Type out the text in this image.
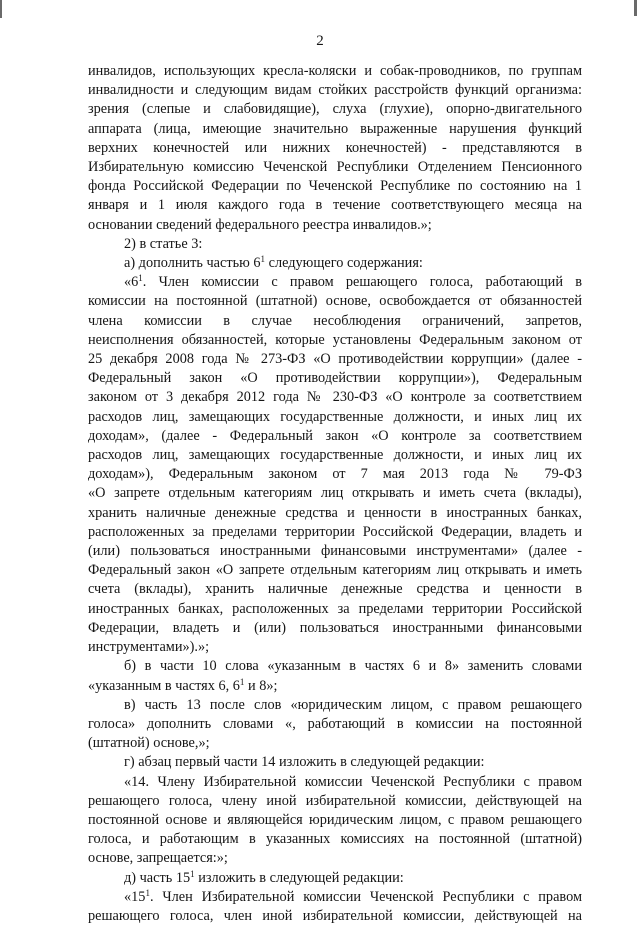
2

инвалидов, использующих кресла-коляски и собак-проводников, по группам

инвалидности и следующим видам стойких расстройств функций организма:

зрения (слепые и слабовидящие), слуха (глухие), опорно-двигательного

аппарата (лица, имеющие значительно выраженные нарушения функций

верхних конечностей или нижних конечностей) - представляются в

Избирательную комиссию Чеченской Республики Отделением Пенсионного

фонда Российской Федерации по Чеченской Республике по состоянию на 1

января и 1 июля каждого года в течение соответствующего месяца на

основании сведений федерального реестра инвалидов.»;

2) в статье 3:

а) дополнить частью $6^1$ следующего содержания:

«$6^1$. Член комиссии с правом решающего голоса, работающий в

комиссии на постоянной (штатной) основе, освобождается от обязанностей

члена комиссии в случае несоблюдения ограничений, запретов,

неисполнения обязанностей, которые установлены Федеральным законом от

25 декабря 2008 года № 273-ФЗ «О противодействии коррупции» (далее -

Федеральный закон «О противодействии коррупции»), Федеральным

законом от 3 декабря 2012 года № 230-ФЗ «О контроле за соответствием

расходов лиц, замещающих государственные должности, и иных лиц их

доходам», (далее - Федеральный закон «О контроле за соответствием

расходов лиц, замещающих государственные должности, и иных лиц их

доходам»), Федеральным законом от 7 мая 2013 года № 79-ФЗ

«О запрете отдельным категориям лиц открывать и иметь счета (вклады),

хранить наличные денежные средства и ценности в иностранных банках,

расположенных за пределами территории Российской Федерации, владеть и

(или) пользоваться иностранными финансовыми инструментами» (далее -

Федеральный закон «О запрете отдельным категориям лиц открывать и иметь

счета (вклады), хранить наличные денежные средства и ценности в

иностранных банках, расположенных за пределами территории Российской

Федерации, владеть и (или) пользоваться иностранными финансовыми

инструментами»).»;

б) в части 10 слова «указанным в частях 6 и 8» заменить словами

«указанным в частях 6, $6^1$ и 8»;

в) часть 13 после слов «юридическим лицом, с правом решающего

голоса» дополнить словами «, работающий в комиссии на постоянной

(штатной) основе,»;

г) абзац первый части 14 изложить в следующей редакции:

«14. Члену Избирательной комиссии Чеченской Республики с правом

решающего голоса, члену иной избирательной комиссии, действующей на

постоянной основе и являющейся юридическим лицом, с правом решающего

голоса, и работающим в указанных комиссиях на постоянной (штатной)

основе, запрещается:»;

д) часть $15^1$ изложить в следующей редакции:

«$15^1$. Член Избирательной комиссии Чеченской Республики с правом

решающего голоса, член иной избирательной комиссии, действующей на
